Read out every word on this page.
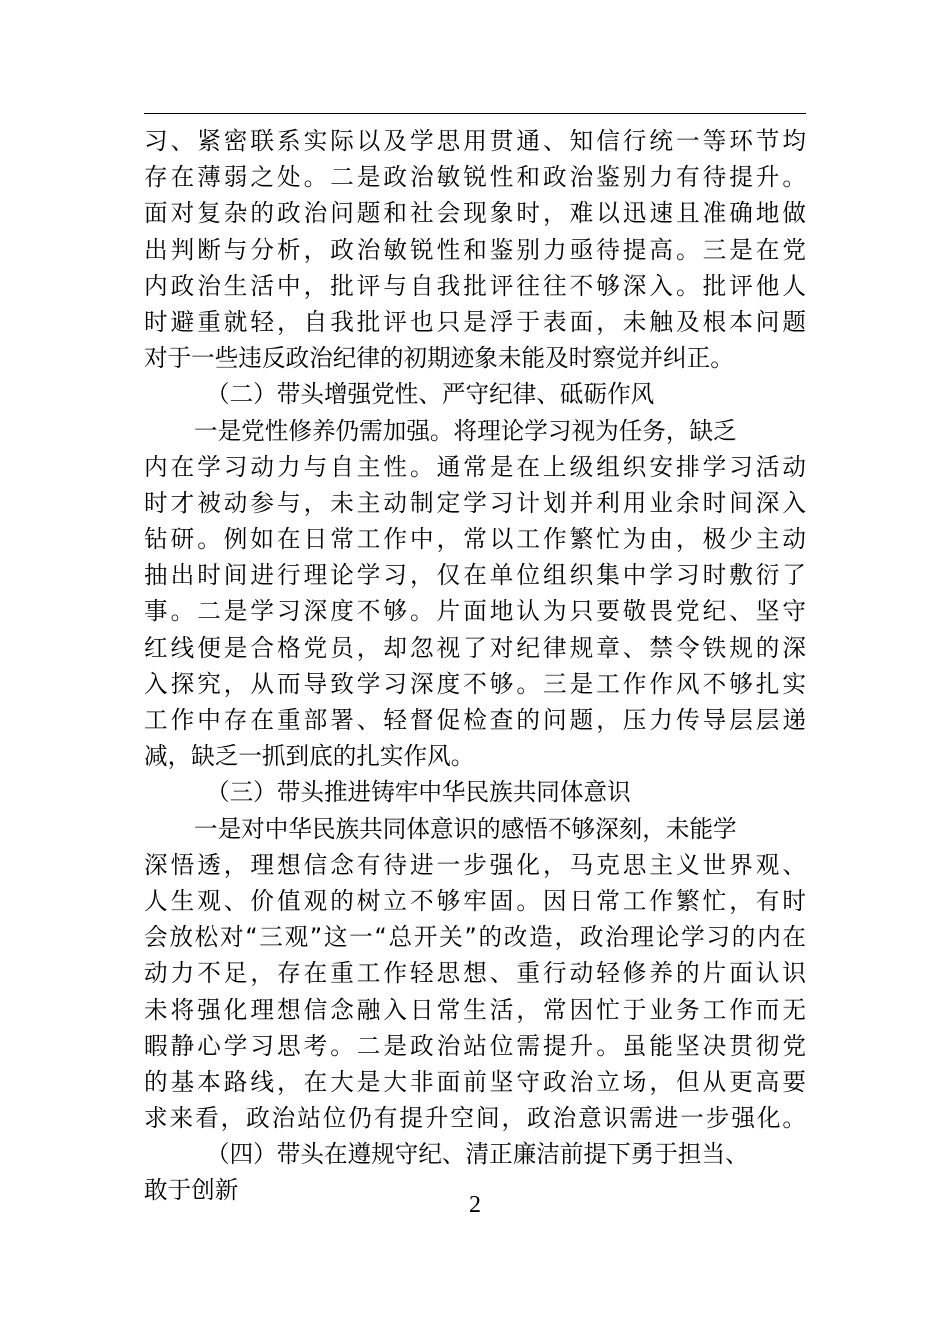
习、紧密联系实际以及学思用贯通、知信行统一等环节均
存在薄弱之处。二是政治敏锐性和政治鉴别力有待提升。
面对复杂的政治问题和社会现象时，难以迅速且准确地做
出判断与分析，政治敏锐性和鉴别力亟待提高。三是在党
内政治生活中，批评与自我批评往往不够深入。批评他人
时避重就轻，自我批评也只是浮于表面，未触及根本问题
对于一些违反政治纪律的初期迹象未能及时察觉并纠正。
（二）带头增强党性、严守纪律、砥砺作风
一是党性修养仍需加强。将理论学习视为任务，缺乏
内在学习动力与自主性。通常是在上级组织安排学习活动
时才被动参与，未主动制定学习计划并利用业余时间深入
钻研。例如在日常工作中，常以工作繁忙为由，极少主动
抽出时间进行理论学习，仅在单位组织集中学习时敷衍了
事。二是学习深度不够。片面地认为只要敬畏党纪、坚守
红线便是合格党员，却忽视了对纪律规章、禁令铁规的深
入探究，从而导致学习深度不够。三是工作作风不够扎实
工作中存在重部署、轻督促检查的问题，压力传导层层递
减，缺乏一抓到底的扎实作风。
（三）带头推进铸牢中华民族共同体意识
一是对中华民族共同体意识的感悟不够深刻，未能学
深悟透，理想信念有待进一步强化，马克思主义世界观、
人生观、价值观的树立不够牢固。因日常工作繁忙，有时
会放松对“三观”这一“总开关”的改造，政治理论学习的内在
动力不足，存在重工作轻思想、重行动轻修养的片面认识
未将强化理想信念融入日常生活，常因忙于业务工作而无
暇静心学习思考。二是政治站位需提升。虽能坚决贯彻党
的基本路线，在大是大非面前坚守政治立场，但从更高要
求来看，政治站位仍有提升空间，政治意识需进一步强化。
（四）带头在遵规守纪、清正廉洁前提下勇于担当、
敢于创新
2
